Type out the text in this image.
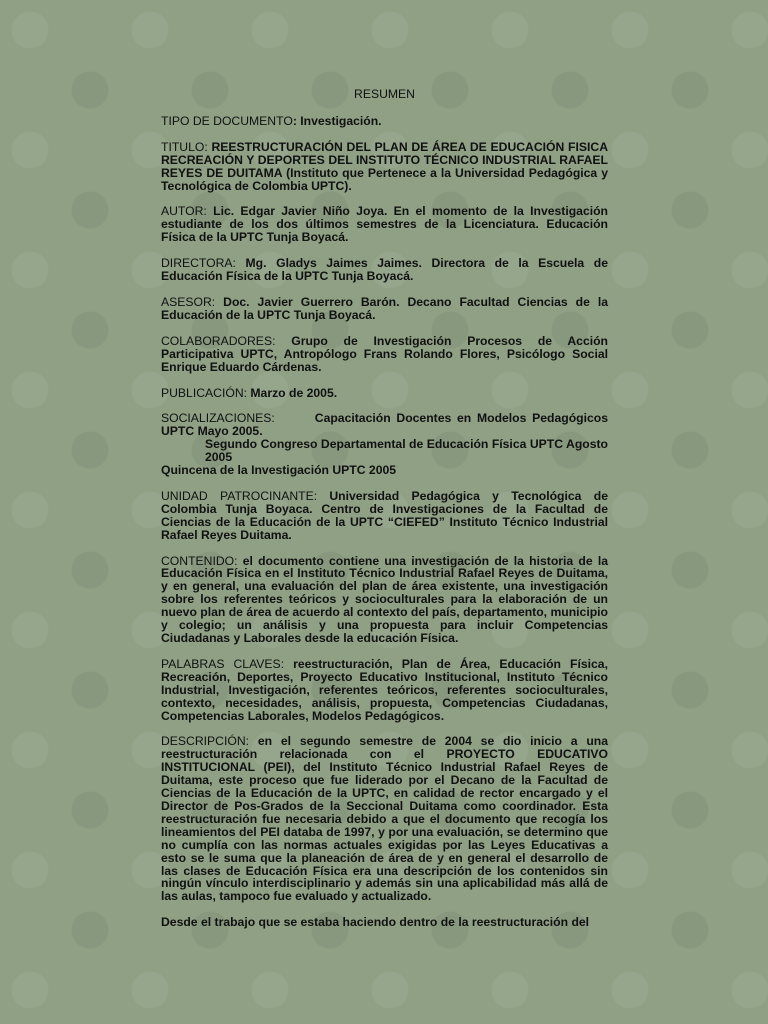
RESUMEN

TIPO DE DOCUMENTO: Investigación.

TITULO: REESTRUCTURACIÓN DEL PLAN DE ÁREA DE EDUCACIÓN FISICA RECREACIÓN Y DEPORTES DEL INSTITUTO TÉCNICO INDUSTRIAL RAFAEL REYES DE DUITAMA (Instituto que Pertenece a la Universidad Pedagógica y Tecnológica de Colombia UPTC).

AUTOR: Lic. Edgar Javier Niño Joya. En el momento de la Investigación estudiante de los dos últimos semestres de la Licenciatura. Educación Física de la UPTC Tunja Boyacá.

DIRECTORA: Mg. Gladys Jaimes Jaimes. Directora de la Escuela de Educación Física de la UPTC Tunja Boyacá.

ASESOR: Doc. Javier Guerrero Barón. Decano Facultad Ciencias de la Educación de la UPTC Tunja Boyacá.

COLABORADORES: Grupo de Investigación Procesos de Acción Participativa UPTC, Antropólogo Frans Rolando Flores, Psicólogo Social Enrique Eduardo Cárdenas.

PUBLICACIÓN: Marzo de 2005.

SOCIALIZACIONES:	Capacitación Docentes en Modelos Pedagógicos UPTC Mayo 2005.
Segundo Congreso Departamental de Educación Física UPTC Agosto 2005
Quincena de la Investigación UPTC 2005

UNIDAD PATROCINANTE: Universidad Pedagógica y Tecnológica de Colombia Tunja Boyaca. Centro de Investigaciones de la Facultad de Ciencias de la Educación de la UPTC “CIEFED” Instituto Técnico Industrial Rafael Reyes Duitama.

CONTENIDO: el documento contiene una investigación de la historia de la Educación Física en el Instituto Técnico Industrial Rafael Reyes de Duitama, y en general, una evaluación del plan de área existente, una investigación sobre los referentes teóricos y socioculturales para la elaboración de un nuevo plan de área de acuerdo al contexto del país, departamento, municipio y colegio; un análisis y una propuesta para incluir Competencias Ciudadanas y Laborales desde la educación Física.

PALABRAS CLAVES: reestructuración, Plan de Área, Educación Física, Recreación, Deportes, Proyecto Educativo Institucional, Instituto Técnico Industrial, Investigación, referentes teóricos, referentes socioculturales, contexto, necesidades, análisis, propuesta, Competencias Ciudadanas, Competencias Laborales, Modelos Pedagógicos.

DESCRIPCIÓN: en el segundo semestre de 2004 se dio inicio a una reestructuración relacionada con el PROYECTO EDUCATIVO INSTITUCIONAL (PEI), del Instituto Técnico Industrial Rafael Reyes de Duitama, este proceso que fue liderado por el Decano de la Facultad de Ciencias de la Educación de la UPTC, en calidad de rector encargado y el Director de Pos-Grados de la Seccional Duitama como coordinador. Esta reestructuración fue necesaria debido a que el documento que recogía los lineamientos del PEI databa de 1997, y por una evaluación, se determino que no cumplía con las normas actuales exigidas por las Leyes Educativas a esto se le suma que la planeación de área de y en general el desarrollo de las clases de Educación Física era una descripción de los contenidos sin ningún vínculo interdisciplinario y además sin una aplicabilidad más allá de las aulas, tampoco fue evaluado y actualizado.

Desde el trabajo que se estaba haciendo dentro de la reestructuración del
